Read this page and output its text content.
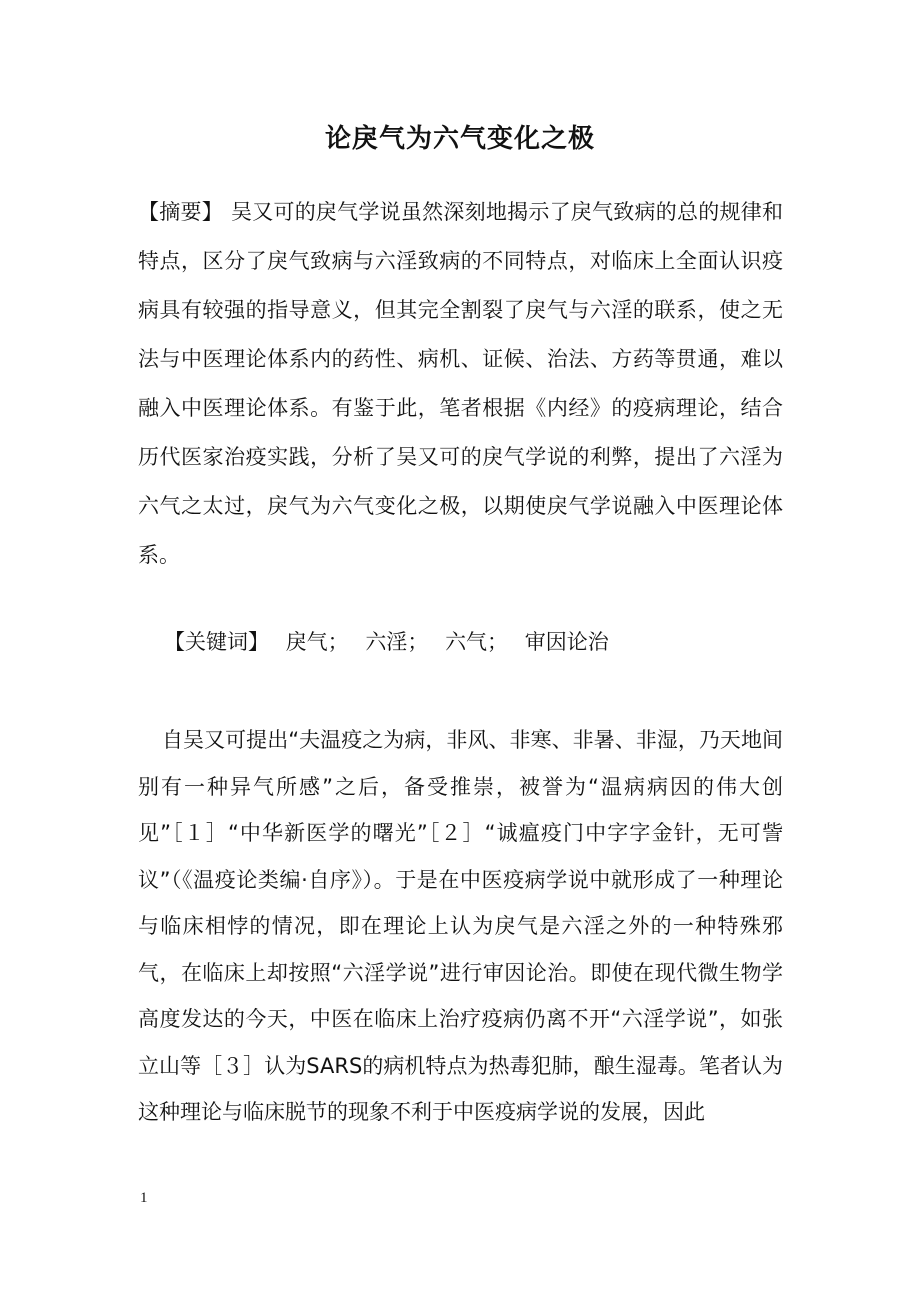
论戾气为六气变化之极

【摘要】 吴又可的戾气学说虽然深刻地揭示了戾气致病的总的规律和特点，区分了戾气致病与六淫致病的不同特点，对临床上全面认识疫病具有较强的指导意义，但其完全割裂了戾气与六淫的联系，使之无法与中医理论体系内的药性、病机、证候、治法、方药等贯通，难以融入中医理论体系。有鉴于此，笔者根据《内经》的疫病理论，结合历代医家治疫实践，分析了吴又可的戾气学说的利弊，提出了六淫为六气之太过，戾气为六气变化之极，以期使戾气学说融入中医理论体系。

【关键词】 戾气； 六淫； 六气； 审因论治

自吴又可提出“夫温疫之为病，非风、非寒、非暑、非湿，乃天地间别有一种异气所感”之后，备受推崇，被誉为“温病病因的伟大创见”［１］“中华新医学的曙光”［２］“诚瘟疫门中字字金针，无可訾议”（《温疫论类编·自序》）。于是在中医疫病学说中就形成了一种理论与临床相悖的情况，即在理论上认为戾气是六淫之外的一种特殊邪气，在临床上却按照“六淫学说”进行审因论治。即使在现代微生物学高度发达的今天，中医在临床上治疗疫病仍离不开“六淫学说”，如张立山等［３］认为SARS的病机特点为热毒犯肺，酿生湿毒。笔者认为这种理论与临床脱节的现象不利于中医疫病学说的发展，因此

1
